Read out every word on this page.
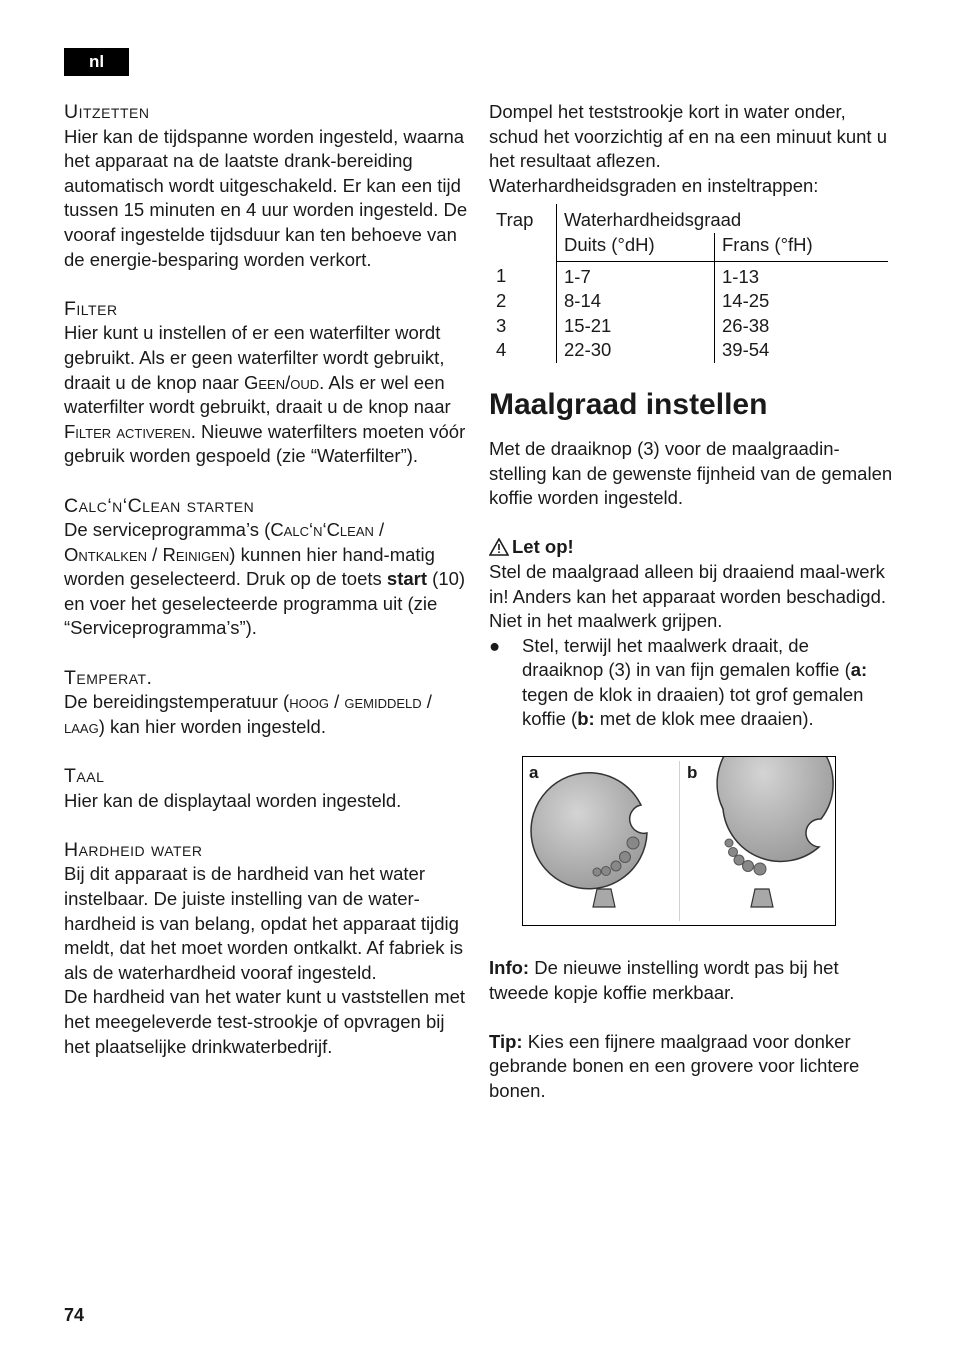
nl
Uitzetten

Hier kan de tijdspanne worden ingesteld, waarna het apparaat na de laatste drank-bereiding automatisch wordt uitgeschakeld. Er kan een tijd tussen 15 minuten en 4 uur worden ingesteld. De vooraf ingestelde tijdsduur kan ten behoeve van de energie-besparing worden verkort.

Filter

Hier kunt u instellen of er een waterfilter wordt gebruikt. Als er geen waterfilter wordt gebruikt, draait u de knop naar Geen/oud. Als er wel een waterfilter wordt gebruikt, draait u de knop naar Filter activeren. Nieuwe waterfilters moeten vóór gebruik worden gespoeld (zie “Waterfilter”).

Calc‘n‘Clean starten

De serviceprogramma’s (Calc‘n‘Clean / Ontkalken / Reinigen) kunnen hier hand-matig worden geselecteerd. Druk op de toets start (10) en voer het geselecteerde programma uit (zie “Serviceprogramma’s”).

Temperat.

De bereidingstemperatuur (hoog / gemiddeld / laag) kan hier worden ingesteld.

Taal

Hier kan de displaytaal worden ingesteld.

Hardheid water

Bij dit apparaat is de hardheid van het water instelbaar. De juiste instelling van de water-hardheid is van belang, opdat het apparaat tijdig meldt, dat het moet worden ontkalkt. Af fabriek is als de waterhardheid vooraf ingesteld.

De hardheid van het water kunt u vaststellen met het meegeleverde test-strookje of opvragen bij het plaatselijke drinkwaterbedrijf.

Dompel het teststrookje kort in water onder, schud het voorzichtig af en na een minuut kunt u het resultaat aflezen.

Waterhardheidsgraden en insteltrappen:

Trap	Waterhardheidsgraad	
	Duits (°dH)	Frans (°fH)
1	1-7	1-13
2	8-14	14-25
3	15-21	26-38
4	22-30	39-54
Maalgraad instellen

Met de draaiknop (3) voor de maalgraadin-stelling kan de gewenste fijnheid van de gemalen koffie worden ingesteld.

Let op!

Stel de maalgraad alleen bij draaiend maal-werk in! Anders kan het apparaat worden beschadigd. Niet in het maalwerk grijpen.

● Stel, terwijl het maalwerk draait, de draaiknop (3) in van fijn gemalen koffie (a: tegen de klok in draaien) tot grof gemalen koffie (b: met de klok mee draaien).
a	b

Info: De nieuwe instelling wordt pas bij het tweede kopje koffie merkbaar.

Tip: Kies een fijnere maalgraad voor donker gebrande bonen en een grovere voor lichtere bonen.

74
